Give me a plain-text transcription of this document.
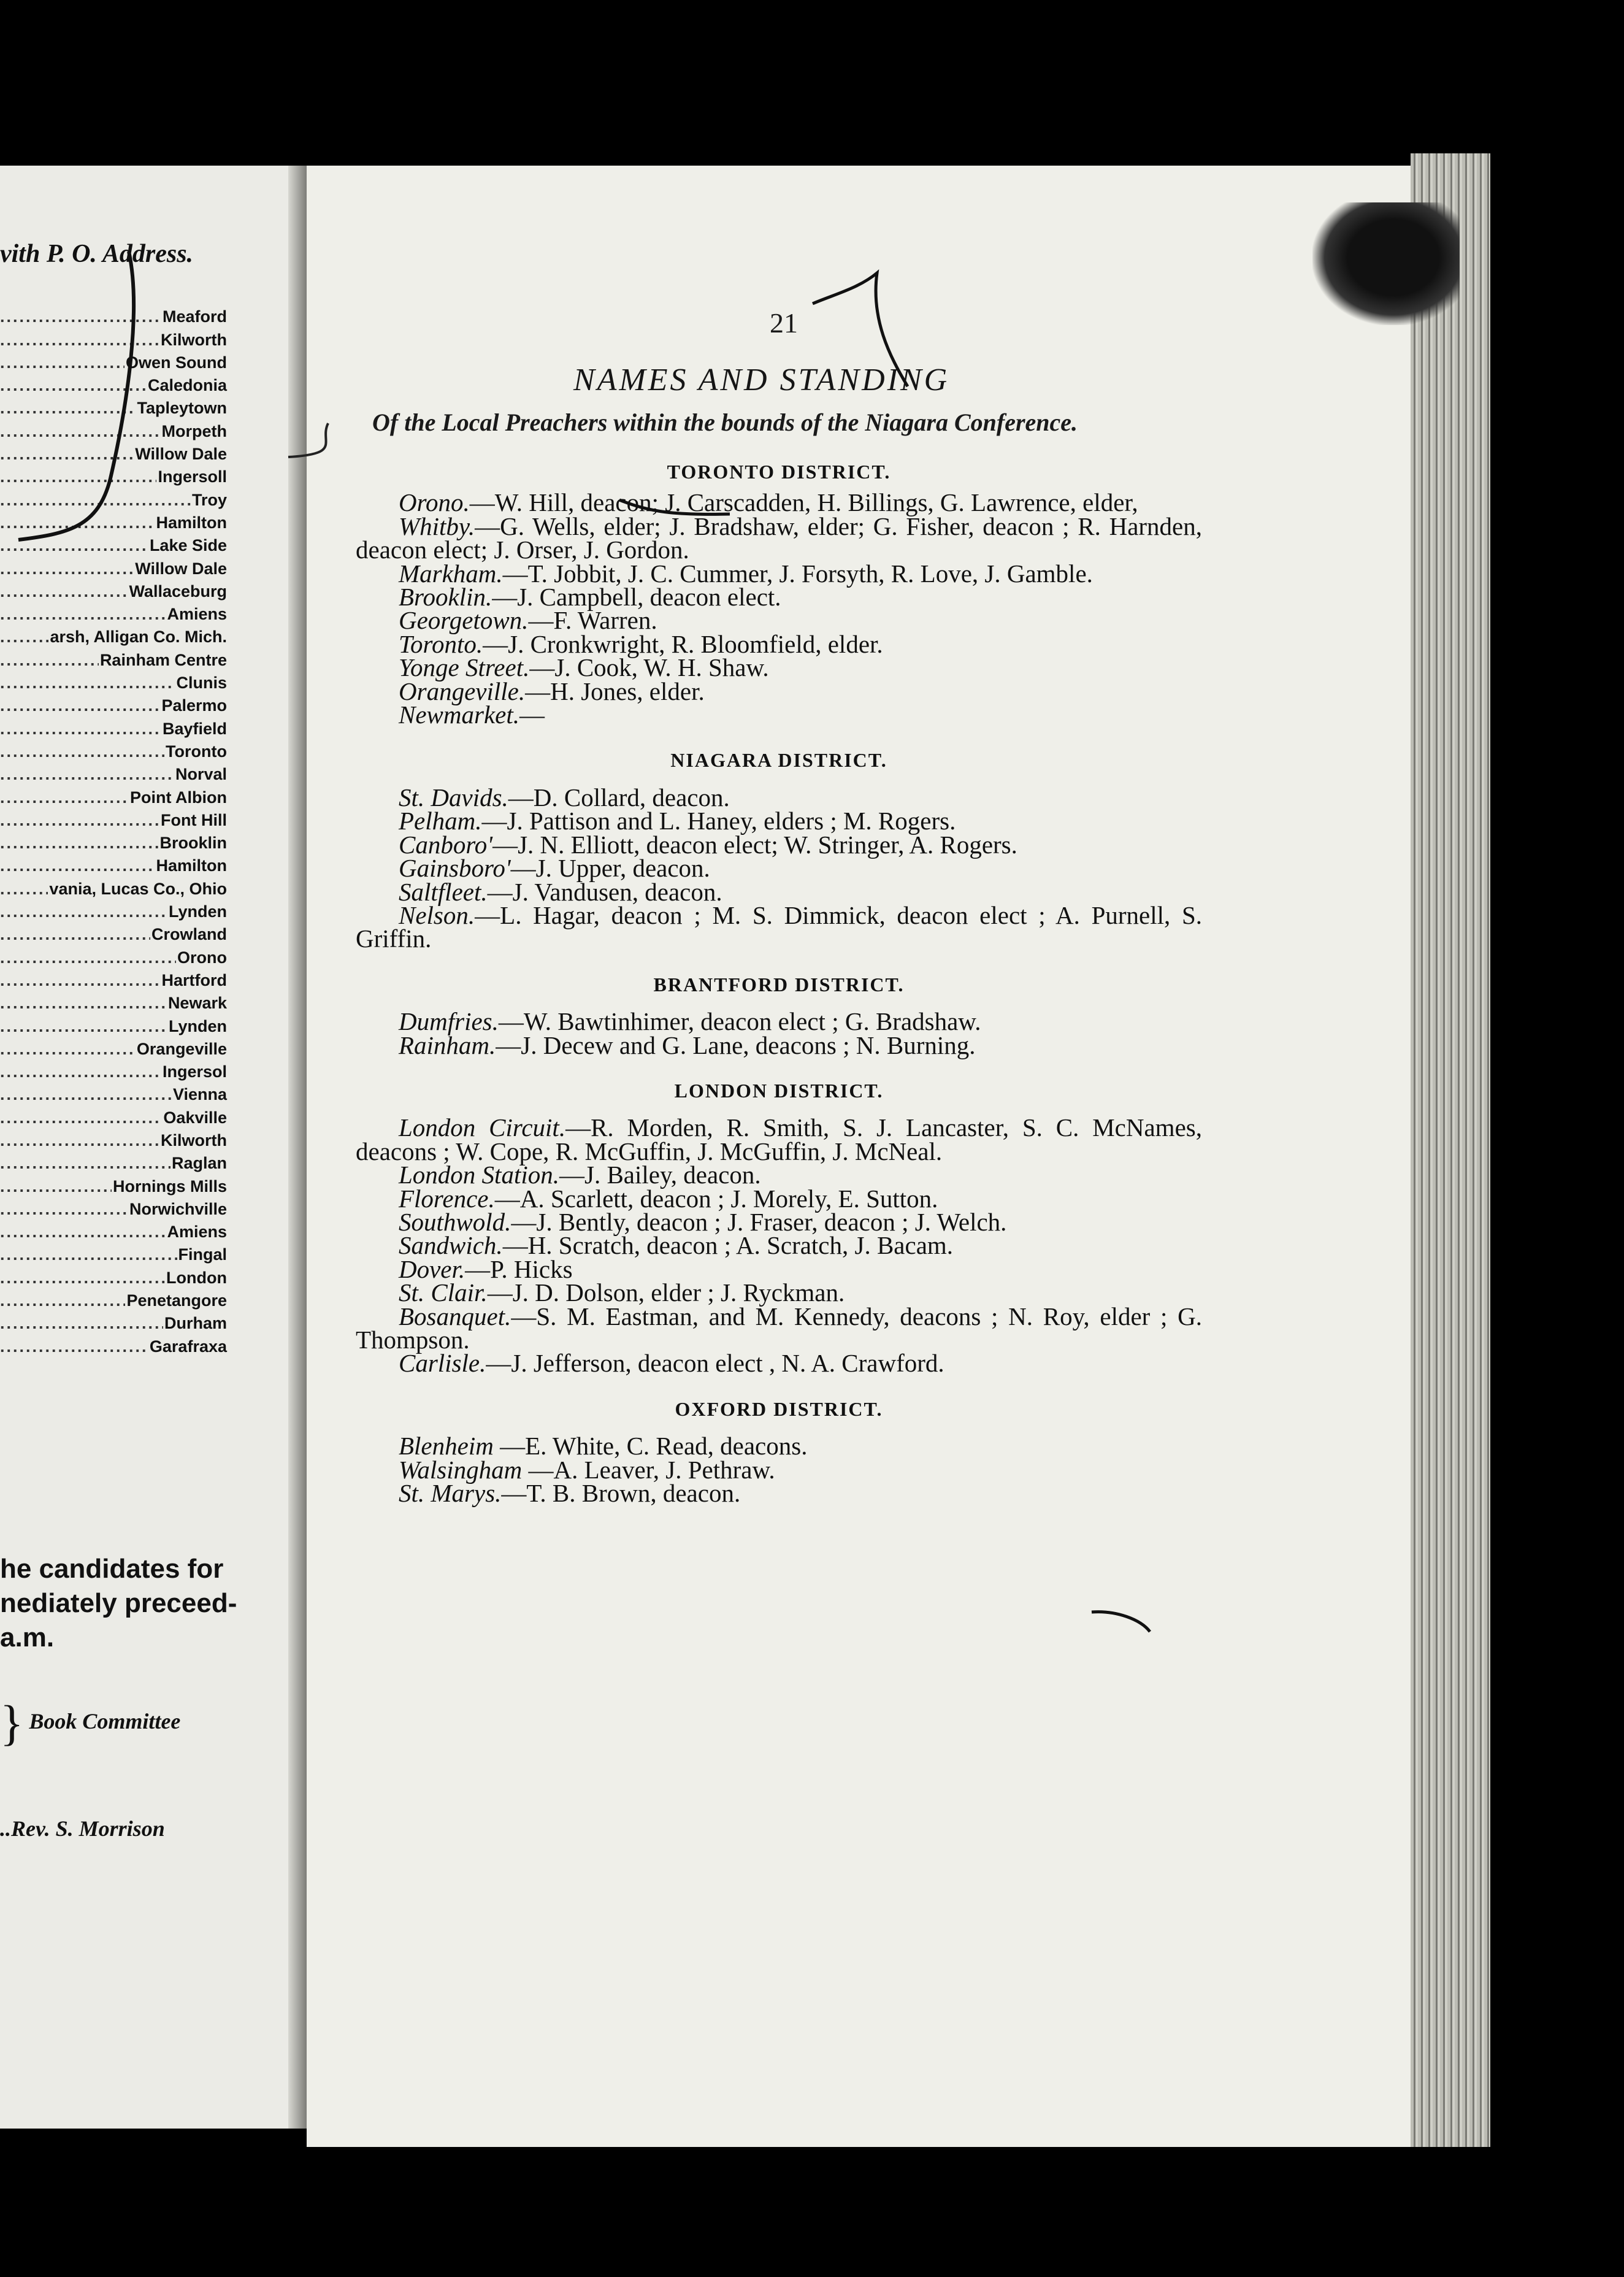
vith P. O. Address.
.....
Meaford
.....
Kilworth
.....
Owen Sound
.....
Caledonia
.....
Tapleytown
.....
Morpeth
.....
Willow Dale
.....
Ingersoll
.....
Troy
.....
Hamilton
.....
Lake Side
.....
Willow Dale
.....
Wallaceburg
.....
Amiens
.....
arsh, Alligan Co. Mich.
.....
Rainham Centre
.....
Clunis
.....
Palermo
.....
Bayfield
.....
Toronto
.....
Norval
.....
Point Albion
.....
Font Hill
.....
Brooklin
.....
Hamilton
.....
vania, Lucas Co., Ohio
.....
Lynden
.....
Crowland
.....
Orono
.....
Hartford
.....
Newark
.....
Lynden
.....
Orangeville
.....
Ingersol
.....
Vienna
.....
Oakville
.....
Kilworth
.....
Raglan
.....
Hornings Mills
.....
Norwichville
.....
Amiens
.....
Fingal
.....
London
.....
Penetangore
.....
Durham
.....
Garafraxa
he candidates for
nediately preceed-
a.m.
} Book Committee
..Rev. S. Morrison
21
NAMES AND STANDING
Of the Local Preachers within the bounds of the Niagara Conference.
TORONTO DISTRICT.

Orono.—W. Hill, deacon; J. Carscadden, H. Billings, G. Lawrence, elder,

Whitby.—G. Wells, elder; J. Bradshaw, elder; G. Fisher, deacon ; R. Harnden, deacon elect; J. Orser, J. Gordon.

Markham.—T. Jobbit, J. C. Cummer, J. Forsyth, R. Love, J. Gamble.

Brooklin.—J. Campbell, deacon elect.

Georgetown.—F. Warren.

Toronto.—J. Cronkwright, R. Bloomfield, elder.

Yonge Street.—J. Cook, W. H. Shaw.

Orangeville.—H. Jones, elder.

Newmarket.—

NIAGARA DISTRICT.

St. Davids.—D. Collard, deacon.

Pelham.—J. Pattison and L. Haney, elders ; M. Rogers.

Canboro'—J. N. Elliott, deacon elect; W. Stringer, A. Rogers.

Gainsboro'—J. Upper, deacon.

Saltfleet.—J. Vandusen, deacon.

Nelson.—L. Hagar, deacon ; M. S. Dimmick, deacon elect ; A. Purnell, S. Griffin.

BRANTFORD DISTRICT.

Dumfries.—W. Bawtinhimer, deacon elect ; G. Bradshaw.

Rainham.—J. Decew and G. Lane, deacons ; N. Burning.

LONDON DISTRICT.

London Circuit.—R. Morden, R. Smith, S. J. Lancaster, S. C. McNames, deacons ; W. Cope, R. McGuffin, J. McGuffin, J. McNeal.

London Station.—J. Bailey, deacon.

Florence.—A. Scarlett, deacon ; J. Morely, E. Sutton.

Southwold.—J. Bently, deacon ; J. Fraser, deacon ; J. Welch.

Sandwich.—H. Scratch, deacon ; A. Scratch, J. Bacam.

Dover.—P. Hicks

St. Clair.—J. D. Dolson, elder ; J. Ryckman.

Bosanquet.—S. M. Eastman, and M. Kennedy, deacons ; N. Roy, elder ; G. Thompson.

Carlisle.—J. Jefferson, deacon elect , N. A. Crawford.

OXFORD DISTRICT.

Blenheim —E. White, C. Read, deacons.

Walsingham —A. Leaver, J. Pethraw.

St. Marys.—T. B. Brown, deacon.
